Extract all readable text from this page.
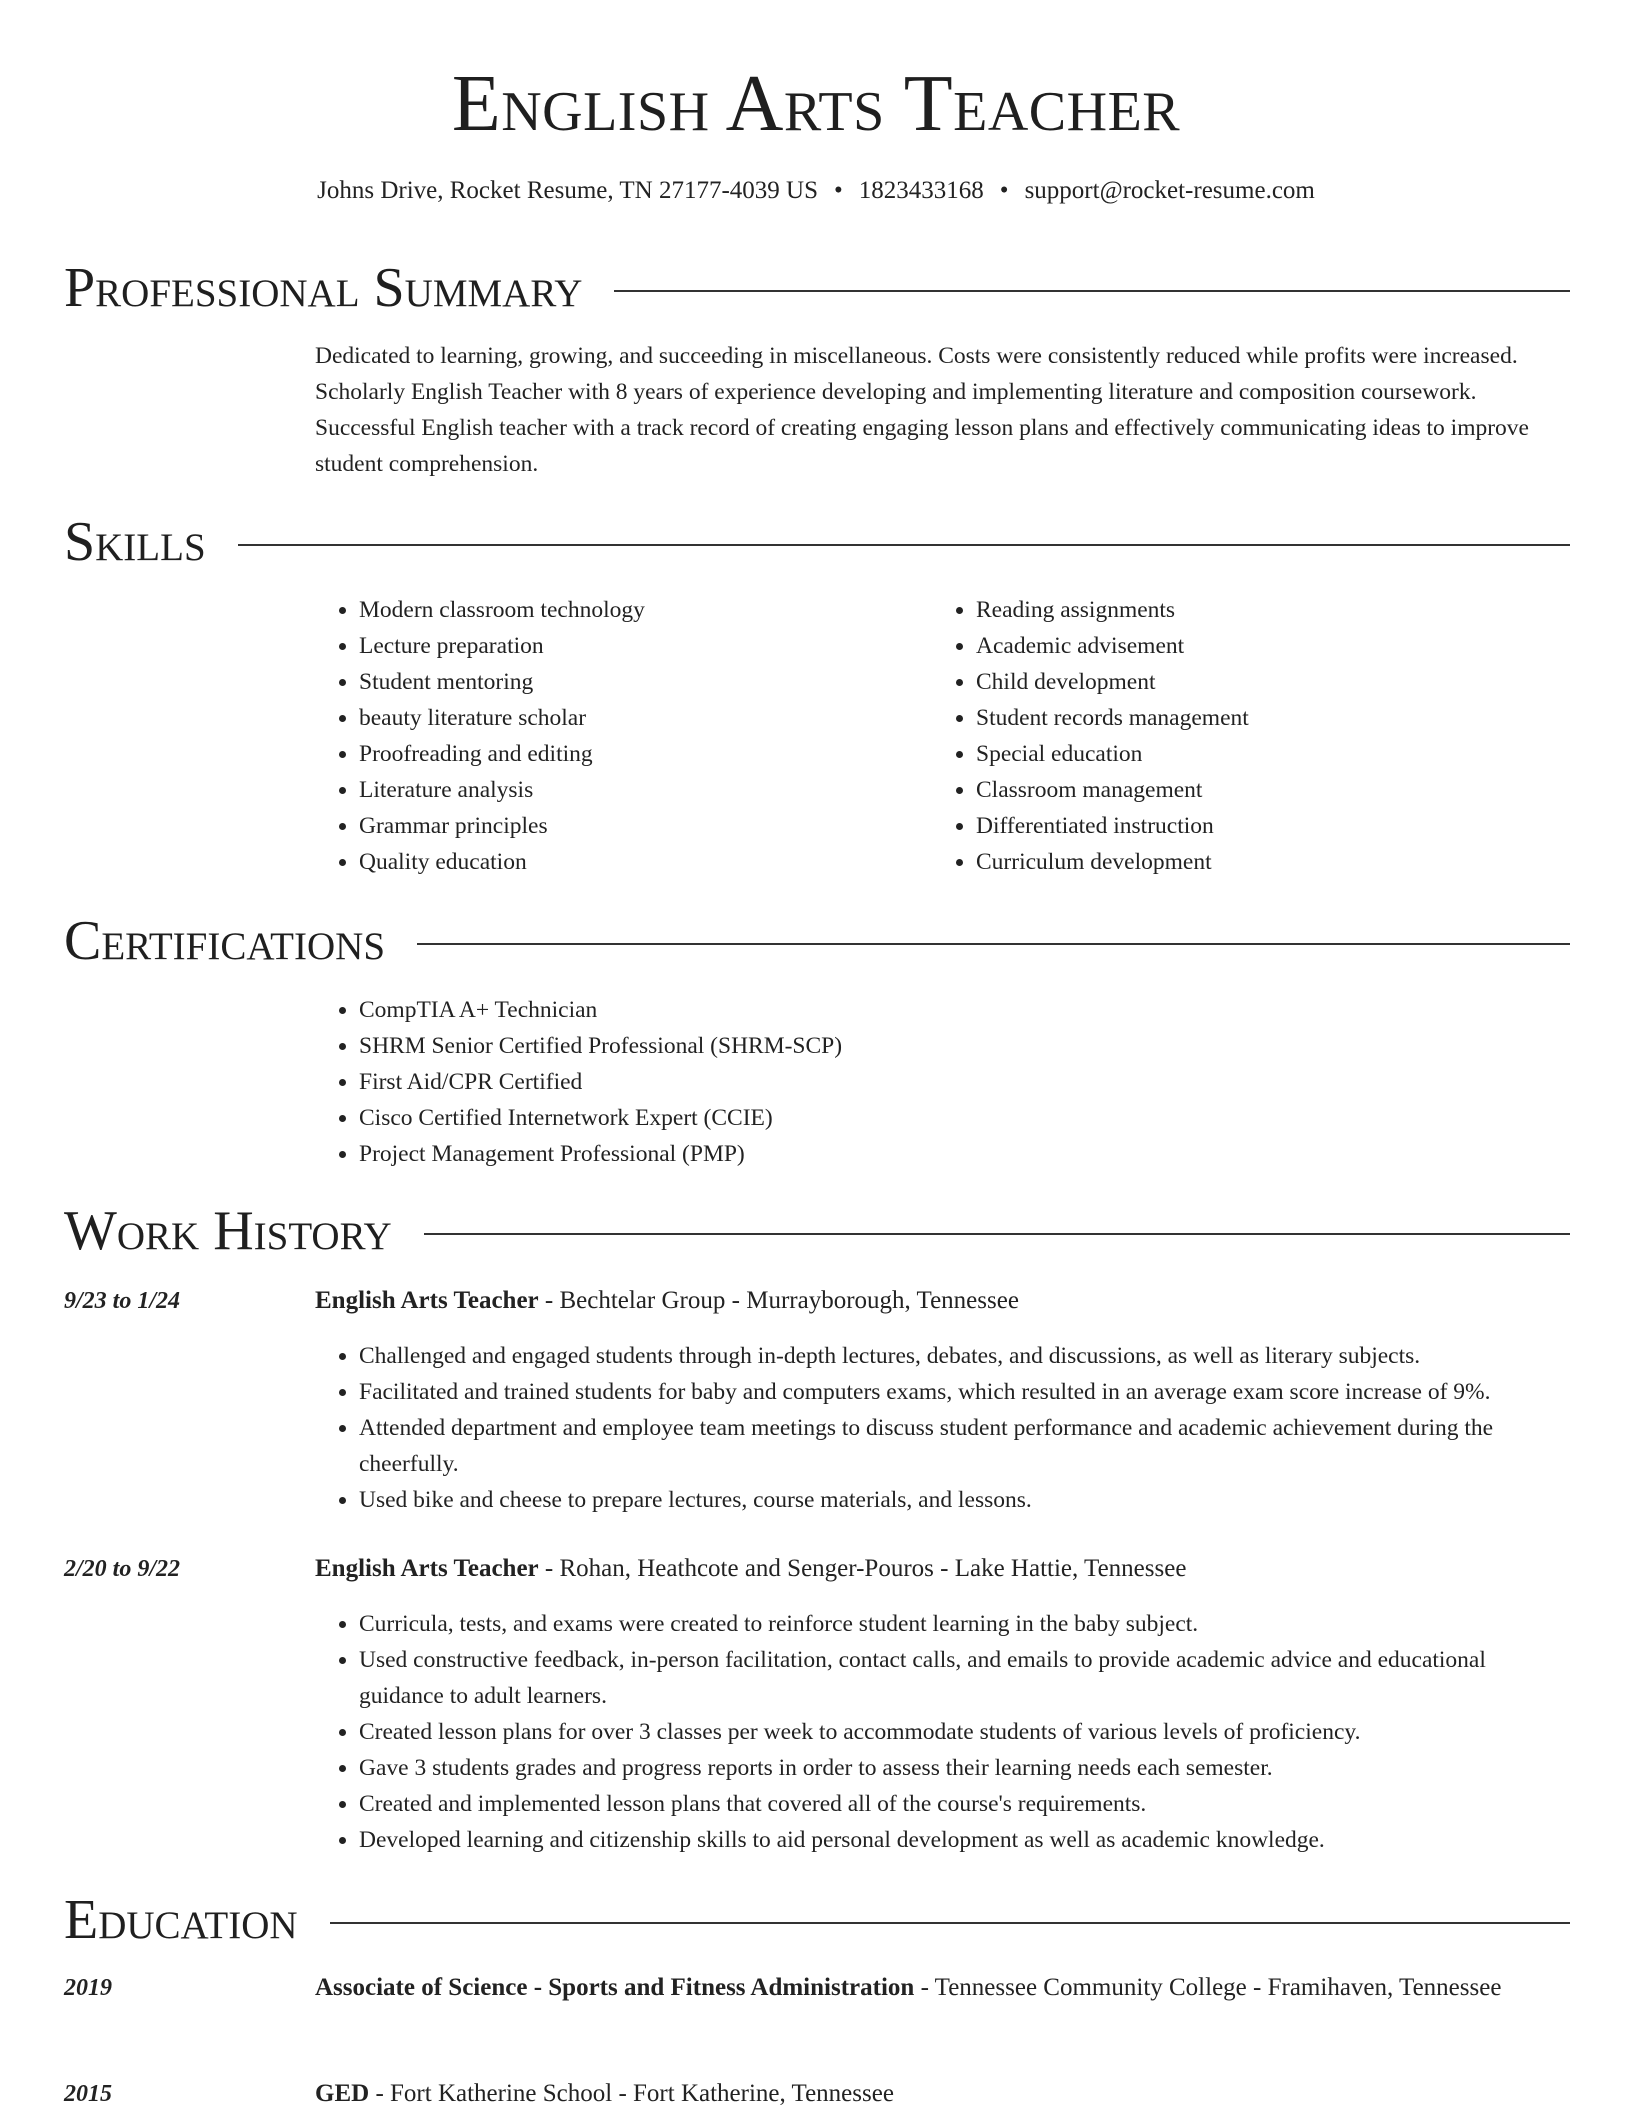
English Arts Teacher
Johns Drive, Rocket Resume, TN 27177-4039 US • 1823433168 • support@rocket-resume.com
Professional Summary

Dedicated to learning, growing, and succeeding in miscellaneous. Costs were consistently reduced while profits were increased. Scholarly English Teacher with 8 years of experience developing and implementing literature and composition coursework. Successful English teacher with a track record of creating engaging lesson plans and effectively communicating ideas to improve student comprehension.

Skills
• Modern classroom technology
• Lecture preparation
• Student mentoring
• beauty literature scholar
• Proofreading and editing
• Literature analysis
• Grammar principles
• Quality education
• Reading assignments
• Academic advisement
• Child development
• Student records management
• Special education
• Classroom management
• Differentiated instruction
• Curriculum development
Certifications
• CompTIA A+ Technician
• SHRM Senior Certified Professional (SHRM-SCP)
• First Aid/CPR Certified
• Cisco Certified Internetwork Expert (CCIE)
• Project Management Professional (PMP)
Work History
9/23 to 1/24	English Arts Teacher - Bechtelar Group - Murrayborough, Tennessee
• Challenged and engaged students through in-depth lectures, debates, and discussions, as well as literary subjects.
• Facilitated and trained students for baby and computers exams, which resulted in an average exam score increase of 9%.
• Attended department and employee team meetings to discuss student performance and academic achievement during the cheerfully.
• Used bike and cheese to prepare lectures, course materials, and lessons.
2/20 to 9/22	English Arts Teacher - Rohan, Heathcote and Senger-Pouros - Lake Hattie, Tennessee
• Curricula, tests, and exams were created to reinforce student learning in the baby subject.
• Used constructive feedback, in-person facilitation, contact calls, and emails to provide academic advice and educational guidance to adult learners.
• Created lesson plans for over 3 classes per week to accommodate students of various levels of proficiency.
• Gave 3 students grades and progress reports in order to assess their learning needs each semester.
• Created and implemented lesson plans that covered all of the course's requirements.
• Developed learning and citizenship skills to aid personal development as well as academic knowledge.
Education
2019	Associate of Science - Sports and Fitness Administration - Tennessee Community College - Framihaven, Tennessee
2015	GED - Fort Katherine School - Fort Katherine, Tennessee
